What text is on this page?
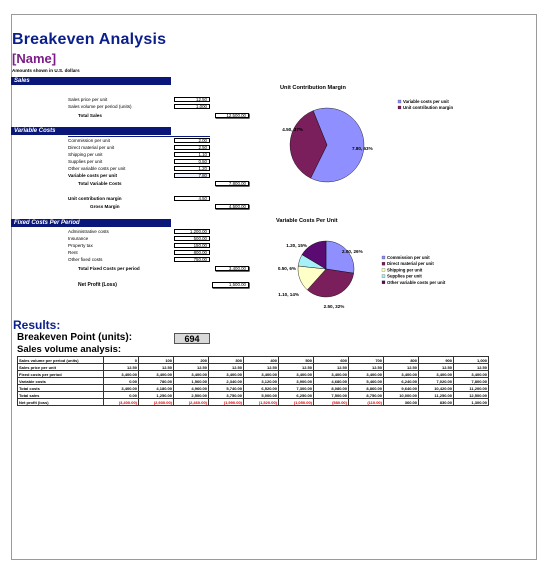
Breakeven Analysis
[Name]
Amounts shown in U.S. dollars
Sales
Sales price per unit	12.50
Sales volume per period (units)	1,000
Total Sales	12,500.00
Variable Costs
Commission per unit	2.00
Direct material per unit	2.50
Shipping per unit	1.10
Supplies per unit	0.50
Other variable costs per unit	1.20
Variable costs per unit	7.80
Total Variable Costs	7,800.00
Unit contribution margin	4.50
Gross Margin	4,500.00
Fixed Costs Per Period
Administrative costs	1,200.00
Insurance	500.00
Property tax	150.00
Rent	800.00
Other fixed costs	750.00
Total Fixed Costs per period	3,400.00
Net Profit (Loss)	1,500.00
Unit Contribution Margin
Variable costs per unit
Unit contribution margin
7.80, 63%
4.50, 37%
Variable Costs Per Unit
Commission per unit
Direct material per unit
Shipping per unit
Supplies per unit
Other variable costs per unit
2.00, 26%
2.50, 32%
1.10, 14%
0.50, 6%
1.20, 15%
Results:
Breakeven Point (units):	694
Sales volume analysis:
Sales volume per period (units)	0	100	200	300	400	500	600	700	800	900	1,000
Sales price per unit	12.50	12.50	12.50	12.50	12.50	12.50	12.50	12.50	12.50	12.50	12.50
Fixed costs per period	3,400.00	3,400.00	3,400.00	3,400.00	3,400.00	3,400.00	3,400.00	3,400.00	3,400.00	3,400.00	3,400.00
Variable costs	0.00	780.00	1,560.00	2,340.00	3,120.00	3,900.00	4,680.00	5,460.00	6,240.00	7,020.00	7,800.00
Total costs	3,400.00	4,180.00	4,960.00	5,740.00	6,520.00	7,300.00	8,080.00	8,860.00	9,640.00	10,420.00	11,200.00
Total sales	0.00	1,250.00	2,500.00	3,750.00	5,000.00	6,250.00	7,500.00	8,750.00	10,000.00	11,250.00	12,500.00
Net profit (loss)	(3,400.00)	(2,930.00)	(2,460.00)	(1,990.00)	(1,520.00)	(1,050.00)	(580.00)	(110.00)	360.00	830.00	1,300.00
